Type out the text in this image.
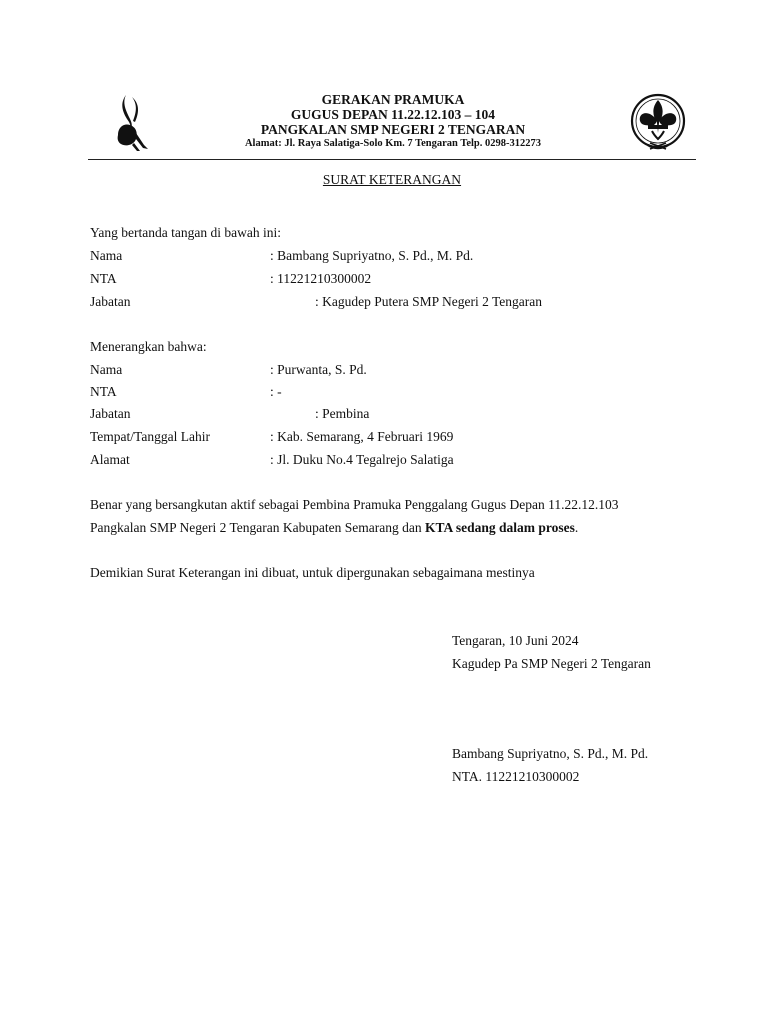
GERAKAN PRAMUKA
GUGUS DEPAN 11.22.12.103 – 104
PANGKALAN SMP NEGERI 2 TENGARAN
Alamat: Jl. Raya Salatiga-Solo Km. 7 Tengaran Telp. 0298-312273
SURAT KETERANGAN
Yang bertanda tangan di bawah ini:
Nama	: Bambang Supriyatno, S. Pd., M. Pd.
NTA	: 11221210300002
Jabatan	: Kagudep Putera SMP Negeri 2 Tengaran
Menerangkan bahwa:
Nama	: Purwanta, S. Pd.
NTA	: -
Jabatan	: Pembina
Tempat/Tanggal Lahir	: Kab. Semarang, 4 Februari 1969
Alamat	: Jl. Duku No.4 Tegalrejo Salatiga
Benar yang bersangkutan aktif sebagai Pembina Pramuka Penggalang Gugus Depan 11.22.12.103
Pangkalan SMP Negeri 2 Tengaran Kabupaten Semarang dan KTA sedang dalam proses.
Demikian Surat Keterangan ini dibuat, untuk dipergunakan sebagaimana mestinya
Tengaran, 10 Juni 2024
Kagudep Pa SMP Negeri 2 Tengaran
Bambang Supriyatno, S. Pd., M. Pd.
NTA. 11221210300002
